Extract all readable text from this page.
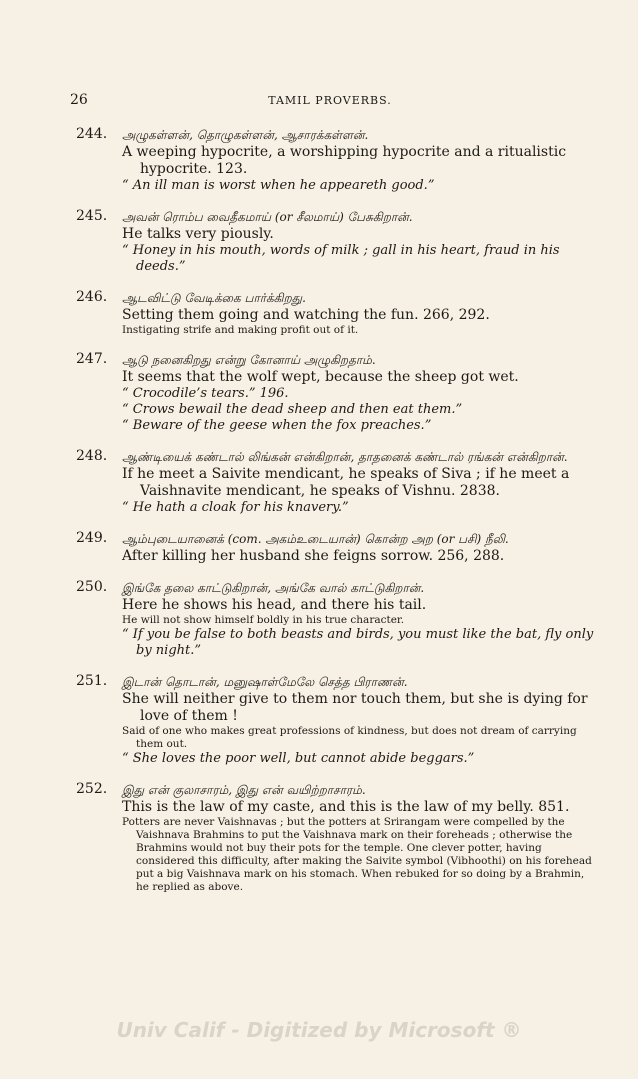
26	TAMIL PROVERBS.
244. அழுகள்ளன், தொழுகள்ளன், ஆசாரக்கள்ளன்.
A weeping hypocrite, a worshipping hypocrite and a ritualistic hypocrite. 123.
“ An ill man is worst when he appeareth good.”
245. அவன் ரொம்ப வைதீகமாய் (or சீலமாய்) பேசுகிறான்.
He talks very piously.
“ Honey in his mouth, words of milk ; gall in his heart, fraud in his deeds.”
246. ஆடவிட்டு வேடிக்கை பார்க்கிறது.
Setting them going and watching the fun. 266, 292.
Instigating strife and making profit out of it.
247. ஆடு நனைகிறது என்று கோனாய் அழுகிறதாம்.
It seems that the wolf wept, because the sheep got wet.
“ Crocodile’s tears.” 196.
“ Crows bewail the dead sheep and then eat them.”
“ Beware of the geese when the fox preaches.”
248. ஆண்டியைக் கண்டால் லிங்கன் என்கிறான், தாதனைக் கண்டால் ரங்கன் என்கிறான்.
If he meet a Saivite mendicant, he speaks of Siva ; if he meet a Vaishnavite mendicant, he speaks of Vishnu. 2838.
“ He hath a cloak for his knavery.”
249. ஆம்புடையானைக் (com. அகம்உடையான்) கொன்ற அற (or பசி) நீலி.
After killing her husband she feigns sorrow. 256, 288.
250. இங்கே தலை காட்டுகிறான், அங்கே வால் காட்டுகிறான்.
Here he shows his head, and there his tail.
He will not show himself boldly in his true character.
“ If you be false to both beasts and birds, you must like the bat, fly only by night.”
251. இடான் தொடான், மனுஷாள்மேலே செத்த பிராணன்.
She will neither give to them nor touch them, but she is dying for love of them !
Said of one who makes great professions of kindness, but does not dream of carrying them out.
“ She loves the poor well, but cannot abide beggars.”
252. இது என் குலாசாரம், இது என் வயிற்றாசாரம்.
This is the law of my caste, and this is the law of my belly. 851.
Potters are never Vaishnavas ; but the potters at Srirangam were compelled by the Vaishnava Brahmins to put the Vaishnava mark on their foreheads ; otherwise the Brahmins would not buy their pots for the temple. One clever potter, having considered this difficulty, after making the Saivite symbol (Vibhoothi) on his forehead put a big Vaishnava mark on his stomach. When rebuked for so doing by a Brahmin, he replied as above.
Univ Calif - Digitized by Microsoft ®
